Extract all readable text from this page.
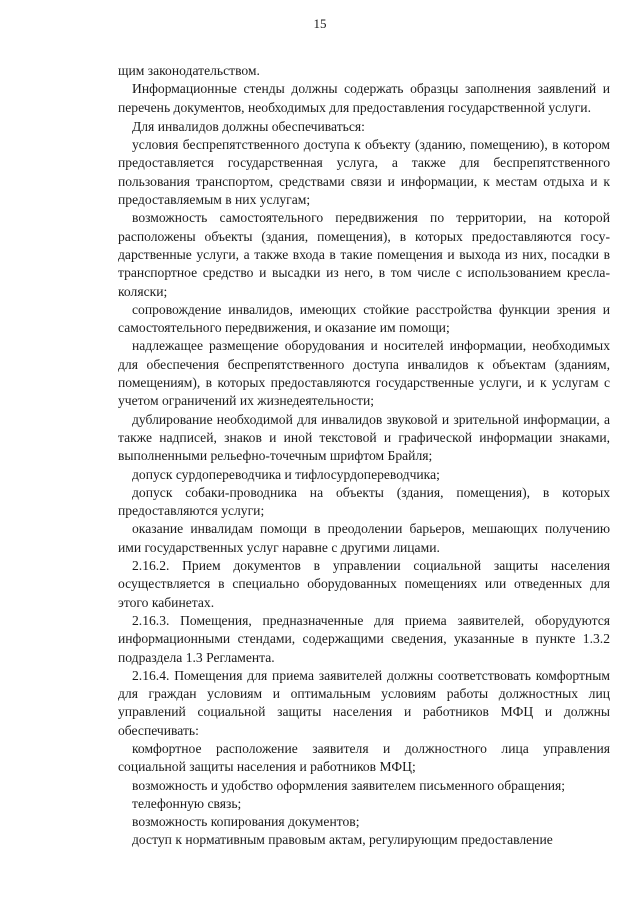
15

щим законодательством.

Информационные стенды должны содержать образцы заполнения заявлений и перечень документов, необходимых для предоставления государственной услуги.

Для инвалидов должны обеспечиваться:

условия беспрепятственного доступа к объекту (зданию, помещению), в котором предоставляется государственная услуга, а также для беспрепятственного пользования транспортом, средствами связи и информации, к местам отдыха и к предоставляемым в них услугам;

возможность самостоятельного передвижения по территории, на которой расположены объекты (здания, помещения), в которых предоставляются государственные услуги, а также входа в такие помещения и выхода из них, посадки в транспортное средство и высадки из него, в том числе с использованием кресла-коляски;

сопровождение инвалидов, имеющих стойкие расстройства функции зрения и самостоятельного передвижения, и оказание им помощи;

надлежащее размещение оборудования и носителей информации, необходимых для обеспечения беспрепятственного доступа инвалидов к объектам (зданиям, помещениям), в которых предоставляются государственные услуги, и к услугам с учетом ограничений их жизнедеятельности;

дублирование необходимой для инвалидов звуковой и зрительной информации, а также надписей, знаков и иной текстовой и графической информации знаками, выполненными рельефно-точечным шрифтом Брайля;

допуск сурдопереводчика и тифлосурдопереводчика;

допуск собаки-проводника на объекты (здания, помещения), в которых предоставляются услуги;

оказание инвалидам помощи в преодолении барьеров, мешающих получению ими государственных услуг наравне с другими лицами.

2.16.2. Прием документов в управлении социальной защиты населения осуществляется в специально оборудованных помещениях или отведенных для этого кабинетах.

2.16.3. Помещения, предназначенные для приема заявителей, оборудуются информационными стендами, содержащими сведения, указанные в пункте 1.3.2 подраздела 1.3 Регламента.

2.16.4. Помещения для приема заявителей должны соответствовать комфортным для граждан условиям и оптимальным условиям работы должностных лиц управлений социальной защиты населения и работников МФЦ и должны обеспечивать:

комфортное расположение заявителя и должностного лица управления социальной защиты населения и работников МФЦ;

возможность и удобство оформления заявителем письменного обращения;

телефонную связь;

возможность копирования документов;

доступ к нормативным правовым актам, регулирующим предоставление
